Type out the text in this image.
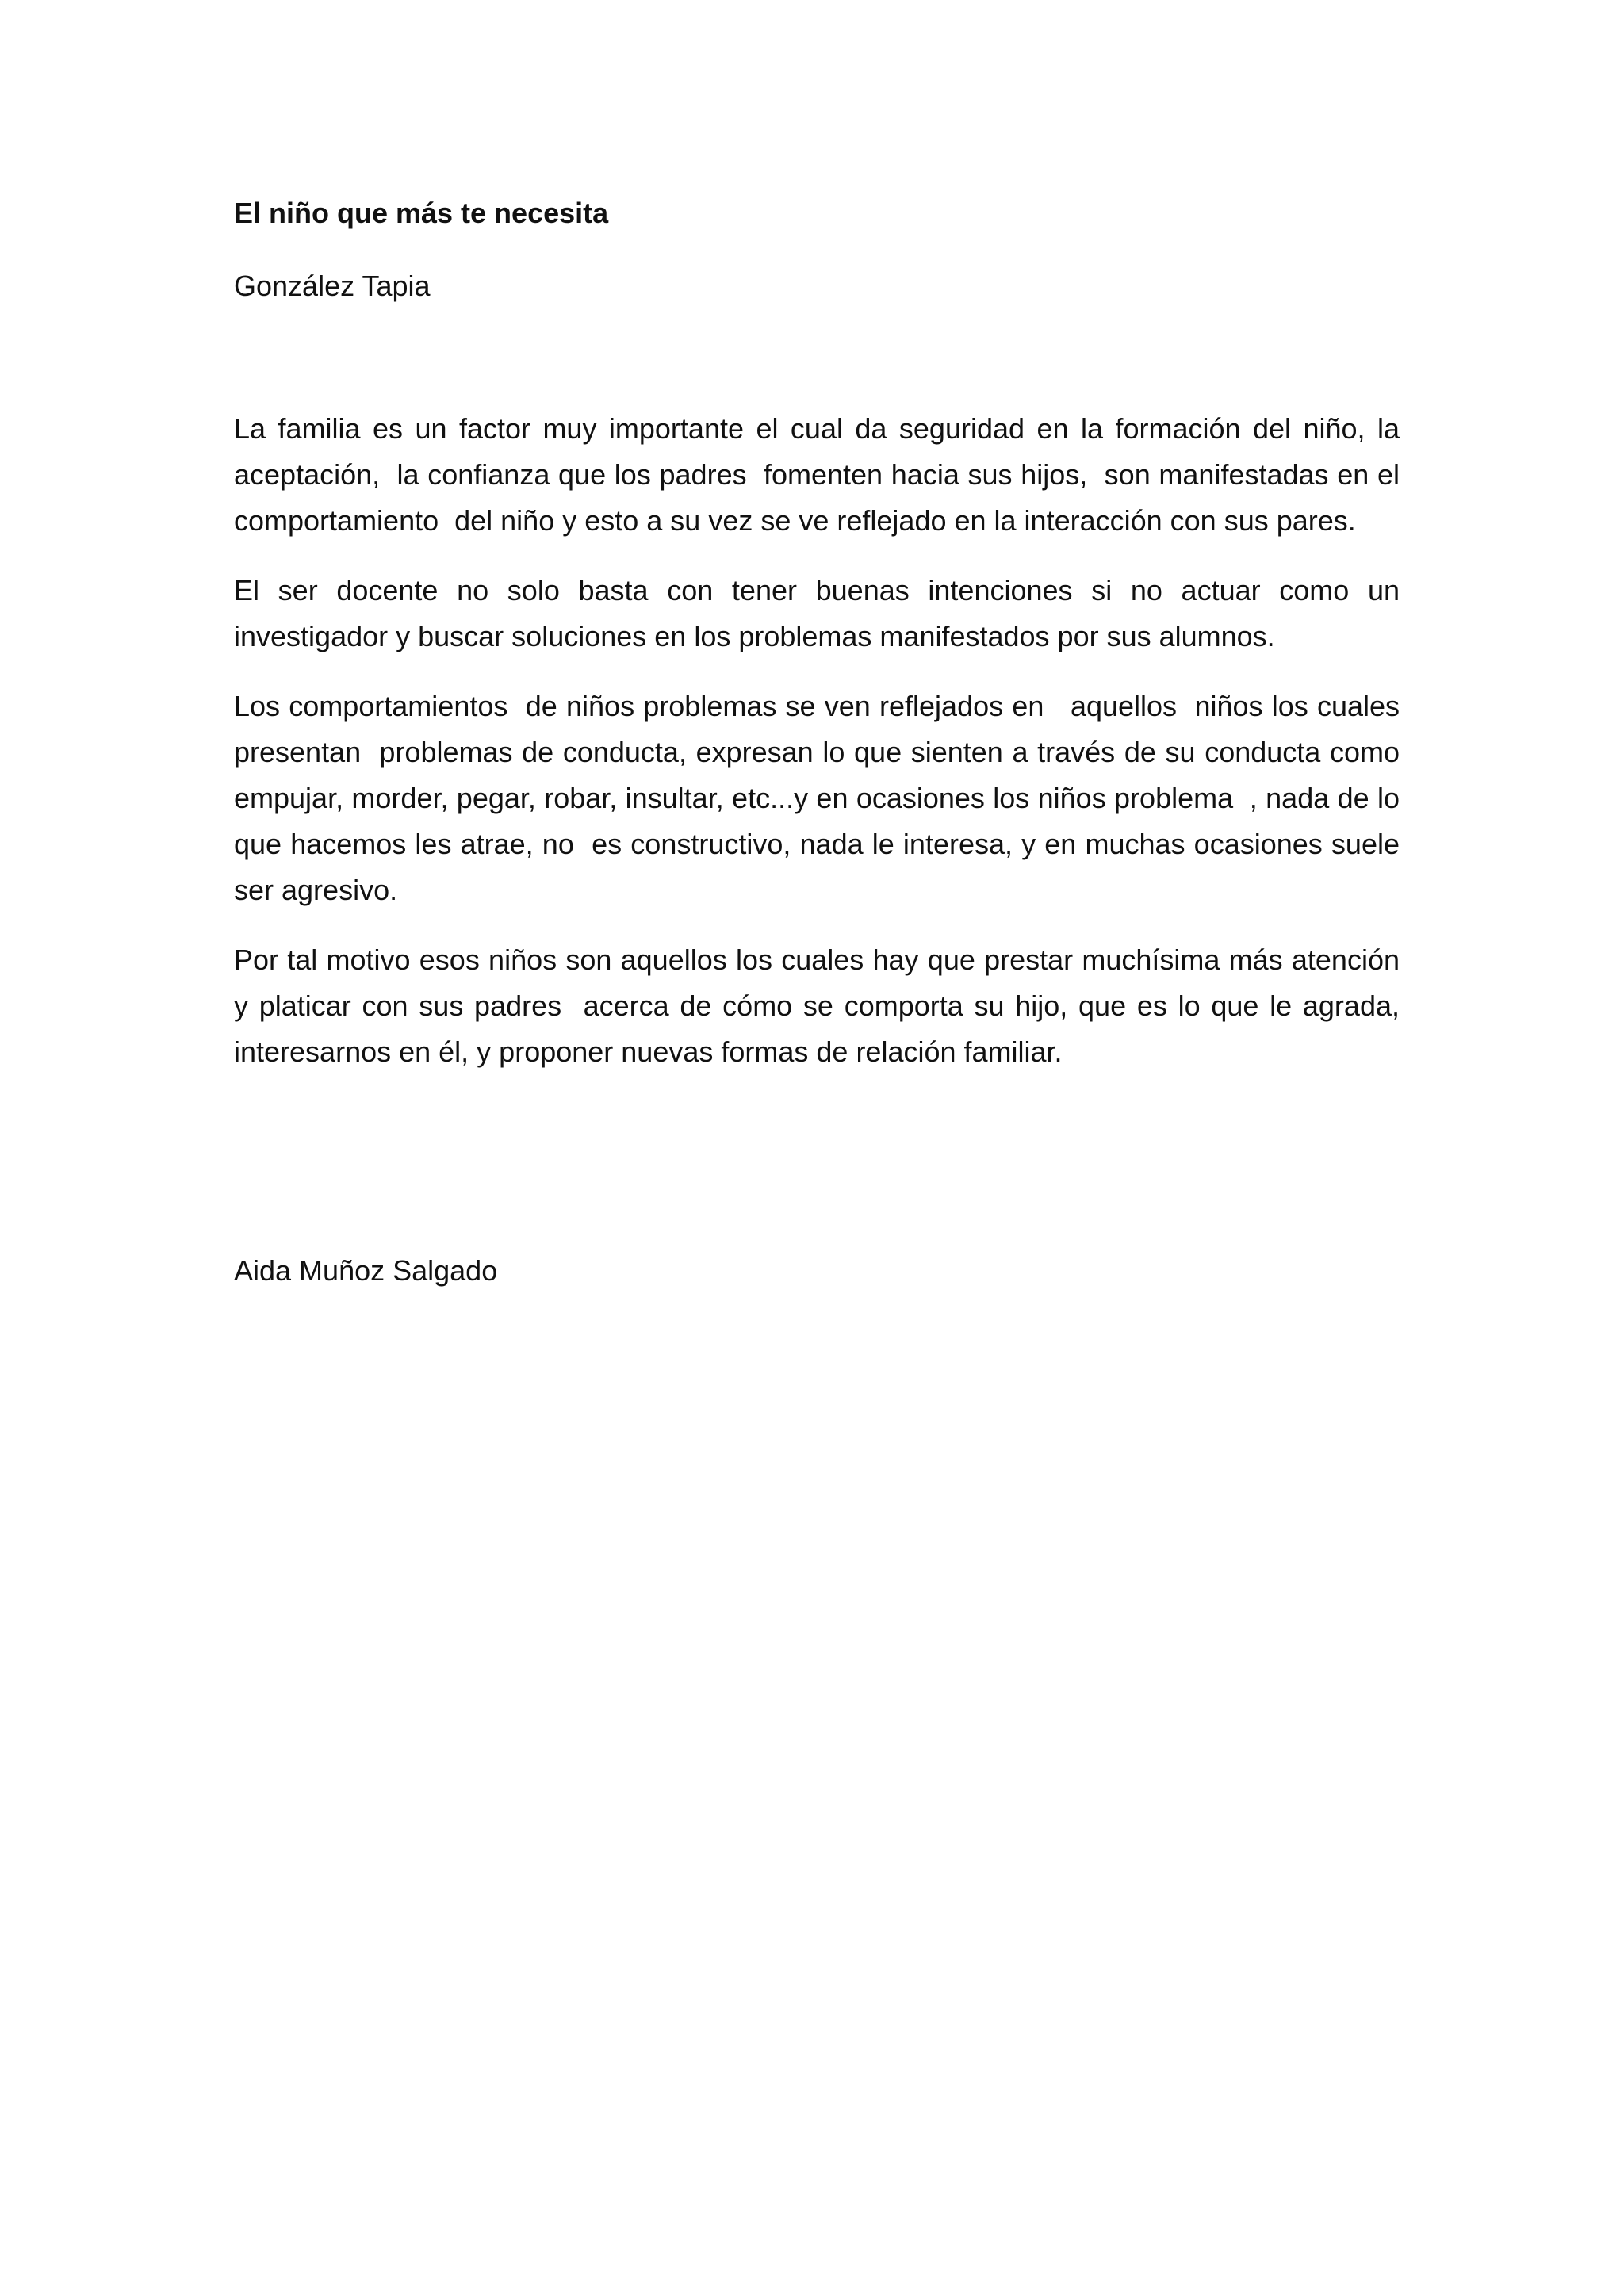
El niño que más te necesita

González Tapia

La familia es un factor muy importante el cual da seguridad en la formación del niño, la aceptación,  la confianza que los padres  fomenten hacia sus hijos,  son manifestadas en el comportamiento  del niño y esto a su vez se ve reflejado en la interacción con sus pares.

El ser docente no solo basta con tener buenas intenciones si no actuar como un investigador y buscar soluciones en los problemas manifestados por sus alumnos.

Los comportamientos  de niños problemas se ven reflejados en   aquellos  niños los cuales presentan  problemas de conducta, expresan lo que sienten a través de su conducta como empujar, morder, pegar, robar, insultar, etc...y en ocasiones los niños problema  , nada de lo que hacemos les atrae, no  es constructivo, nada le interesa, y en muchas ocasiones suele ser agresivo.

Por tal motivo esos niños son aquellos los cuales hay que prestar muchísima más atención y platicar con sus padres  acerca de cómo se comporta su hijo, que es lo que le agrada, interesarnos en él, y proponer nuevas formas de relación familiar.

Aida Muñoz Salgado
